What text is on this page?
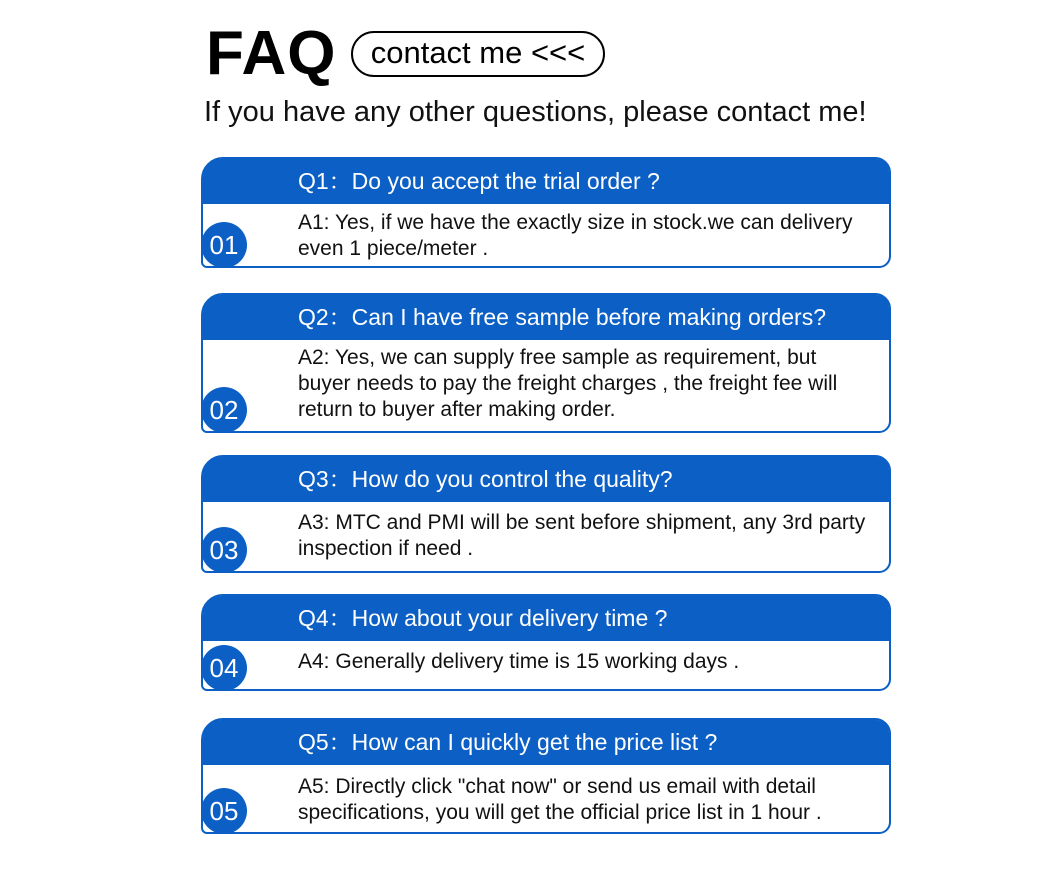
FAQ	contact me <<<
If you have any other questions, please contact me!
Q1：Do you accept the trial order ?
A1: Yes, if we have the exactly size in stock.we can delivery even 1 piece/meter .
01
Q2：Can I have free sample before making orders?
A2: Yes, we can supply free sample as requirement, but buyer needs to pay the freight charges , the freight fee will return to buyer after making order.
02
Q3：How do you control the quality?
A3: MTC and PMI will be sent before shipment, any 3rd party inspection if need .
03
Q4：How about your delivery time ?
A4: Generally delivery time is 15 working days .
04
Q5：How can I quickly get the price list ?
A5: Directly click "chat now" or send us email with detail specifications, you will get the official price list in 1 hour .
05
